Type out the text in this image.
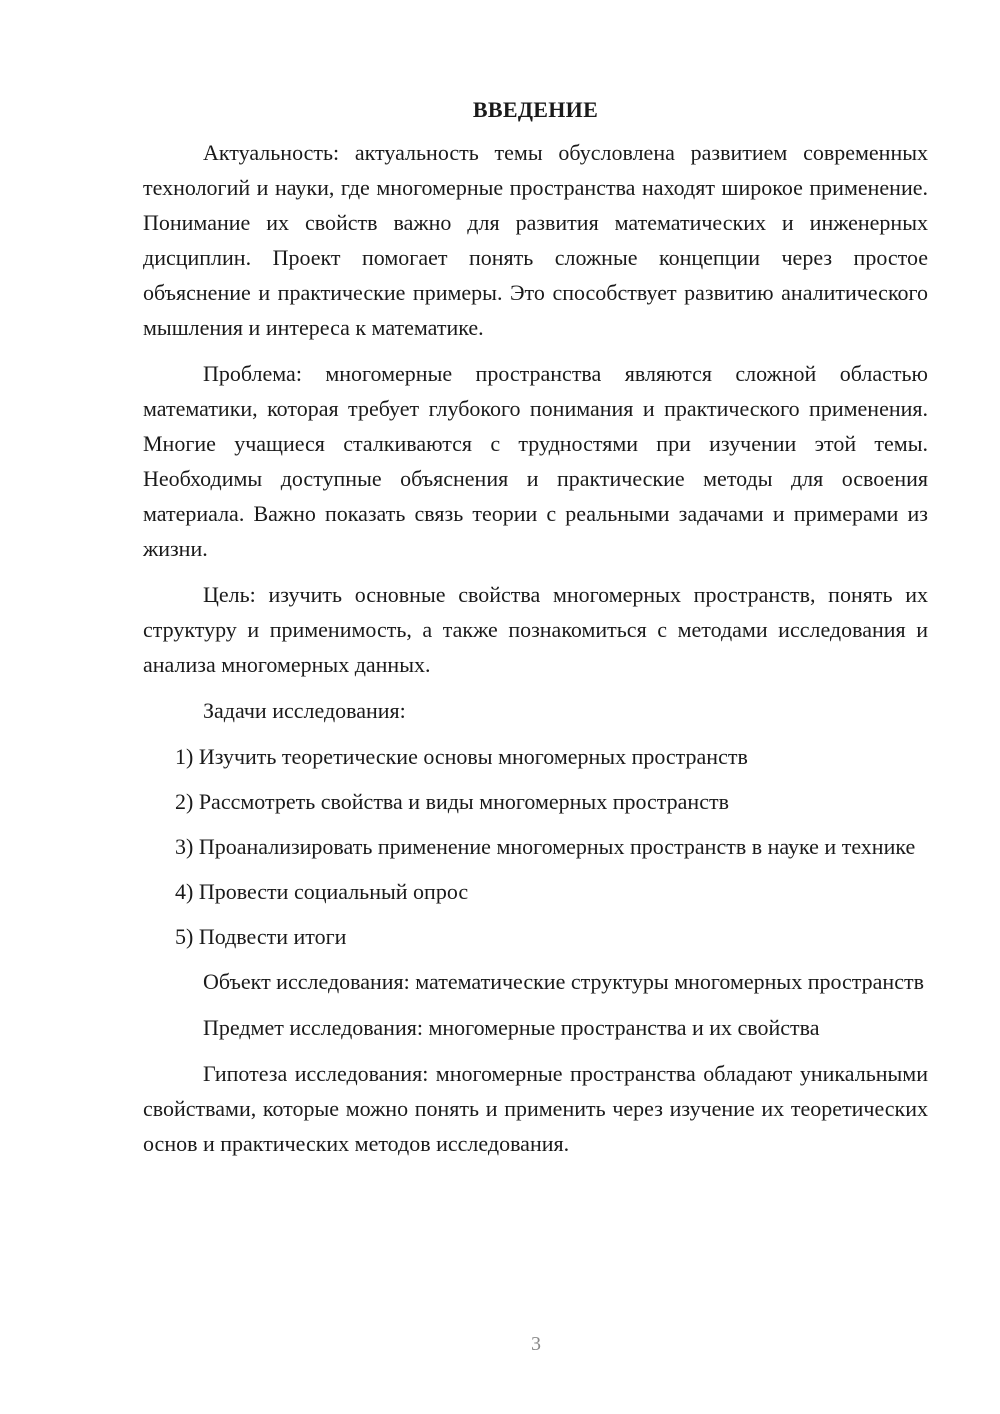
ВВЕДЕНИЕ

Актуальность: актуальность темы обусловлена развитием современных технологий и науки, где многомерные пространства находят широкое применение. Понимание их свойств важно для развития математических и инженерных дисциплин. Проект помогает понять сложные концепции через простое объяснение и практические примеры. Это способствует развитию аналитического мышления и интереса к математике.

Проблема: многомерные пространства являются сложной областью математики, которая требует глубокого понимания и практического применения. Многие учащиеся сталкиваются с трудностями при изучении этой темы. Необходимы доступные объяснения и практические методы для освоения материала. Важно показать связь теории с реальными задачами и примерами из жизни.

Цель: изучить основные свойства многомерных пространств, понять их структуру и применимость, а также познакомиться с методами исследования и анализа многомерных данных.

Задачи исследования:

1) Изучить теоретические основы многомерных пространств

2) Рассмотреть свойства и виды многомерных пространств

3) Проанализировать применение многомерных пространств в науке и технике

4) Провести социальный опрос

5) Подвести итоги

Объект исследования: математические структуры многомерных пространств

Предмет исследования: многомерные пространства и их свойства

Гипотеза исследования: многомерные пространства обладают уникальными свойствами, которые можно понять и применить через изучение их теоретических основ и практических методов исследования.

3
